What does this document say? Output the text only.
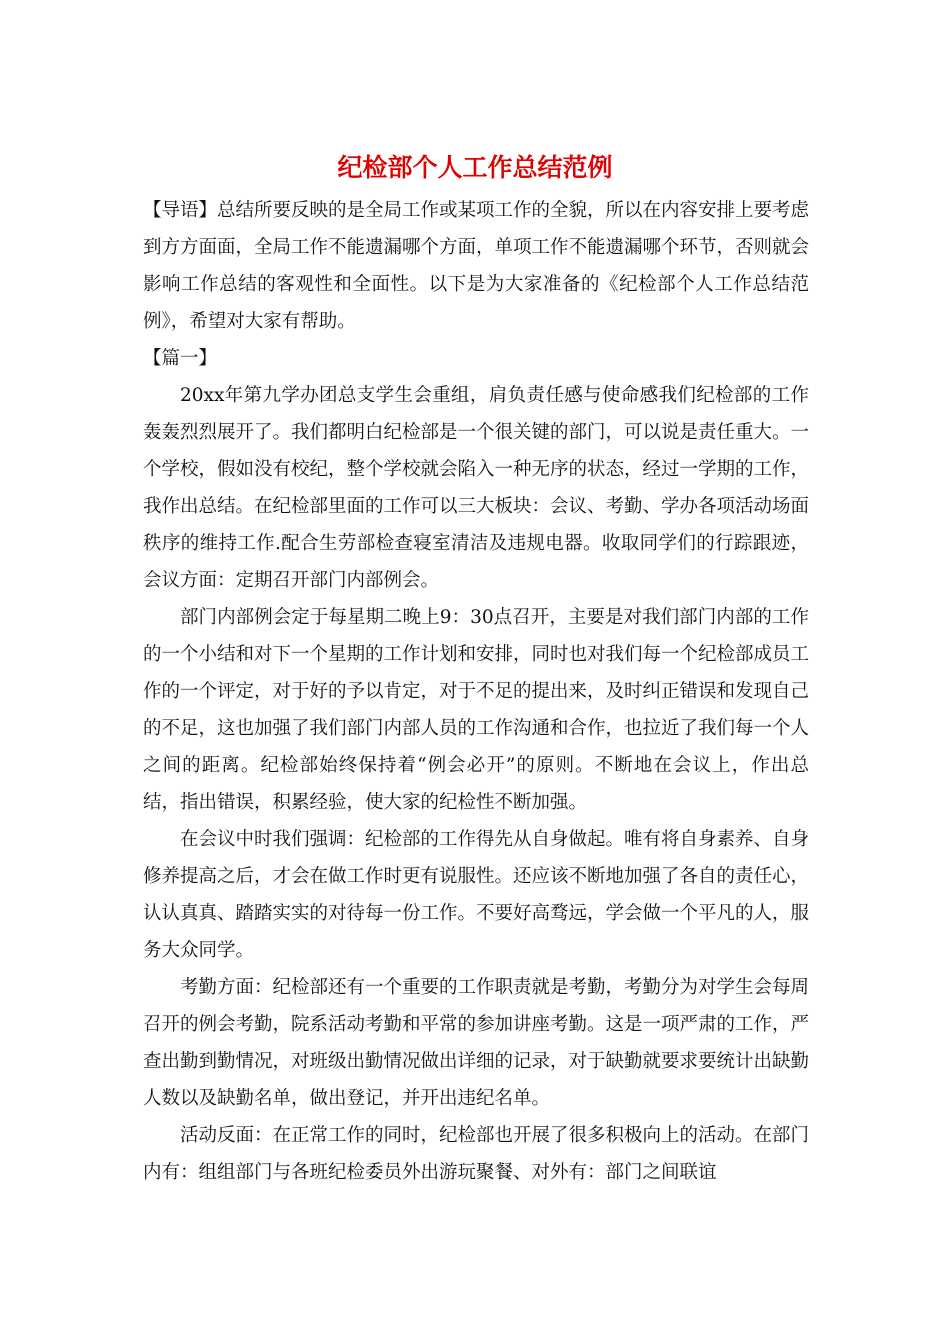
纪检部个人工作总结范例

【导语】总结所要反映的是全局工作或某项工作的全貌，所以在内容安排上要考虑到方方面面，全局工作不能遗漏哪个方面，单项工作不能遗漏哪个环节，否则就会影响工作总结的客观性和全面性。以下是为大家准备的《纪检部个人工作总结范例》，希望对大家有帮助。

【篇一】

20xx年第九学办团总支学生会重组，肩负责任感与使命感我们纪检部的工作轰轰烈烈展开了。我们都明白纪检部是一个很关键的部门，可以说是责任重大。一个学校，假如没有校纪，整个学校就会陷入一种无序的状态，经过一学期的工作，我作出总结。在纪检部里面的工作可以三大板块：会议、考勤、学办各项活动场面秩序的维持工作.配合生劳部检查寝室清洁及违规电器。收取同学们的行踪跟迹，会议方面：定期召开部门内部例会。

部门内部例会定于每星期二晚上9：30点召开，主要是对我们部门内部的工作的一个小结和对下一个星期的工作计划和安排，同时也对我们每一个纪检部成员工作的一个评定，对于好的予以肯定，对于不足的提出来，及时纠正错误和发现自己的不足，这也加强了我们部门内部人员的工作沟通和合作，也拉近了我们每一个人之间的距离。纪检部始终保持着“例会必开”的原则。不断地在会议上，作出总结，指出错误，积累经验，使大家的纪检性不断加强。

在会议中时我们强调：纪检部的工作得先从自身做起。唯有将自身素养、自身修养提高之后，才会在做工作时更有说服性。还应该不断地加强了各自的责任心，认认真真、踏踏实实的对待每一份工作。不要好高骛远，学会做一个平凡的人，服务大众同学。

考勤方面：纪检部还有一个重要的工作职责就是考勤，考勤分为对学生会每周召开的例会考勤，院系活动考勤和平常的参加讲座考勤。这是一项严肃的工作，严查出勤到勤情况，对班级出勤情况做出详细的记录，对于缺勤就要求要统计出缺勤人数以及缺勤名单，做出登记，并开出违纪名单。

活动反面：在正常工作的同时，纪检部也开展了很多积极向上的活动。在部门内有：组组部门与各班纪检委员外出游玩聚餐、对外有：部门之间联谊
